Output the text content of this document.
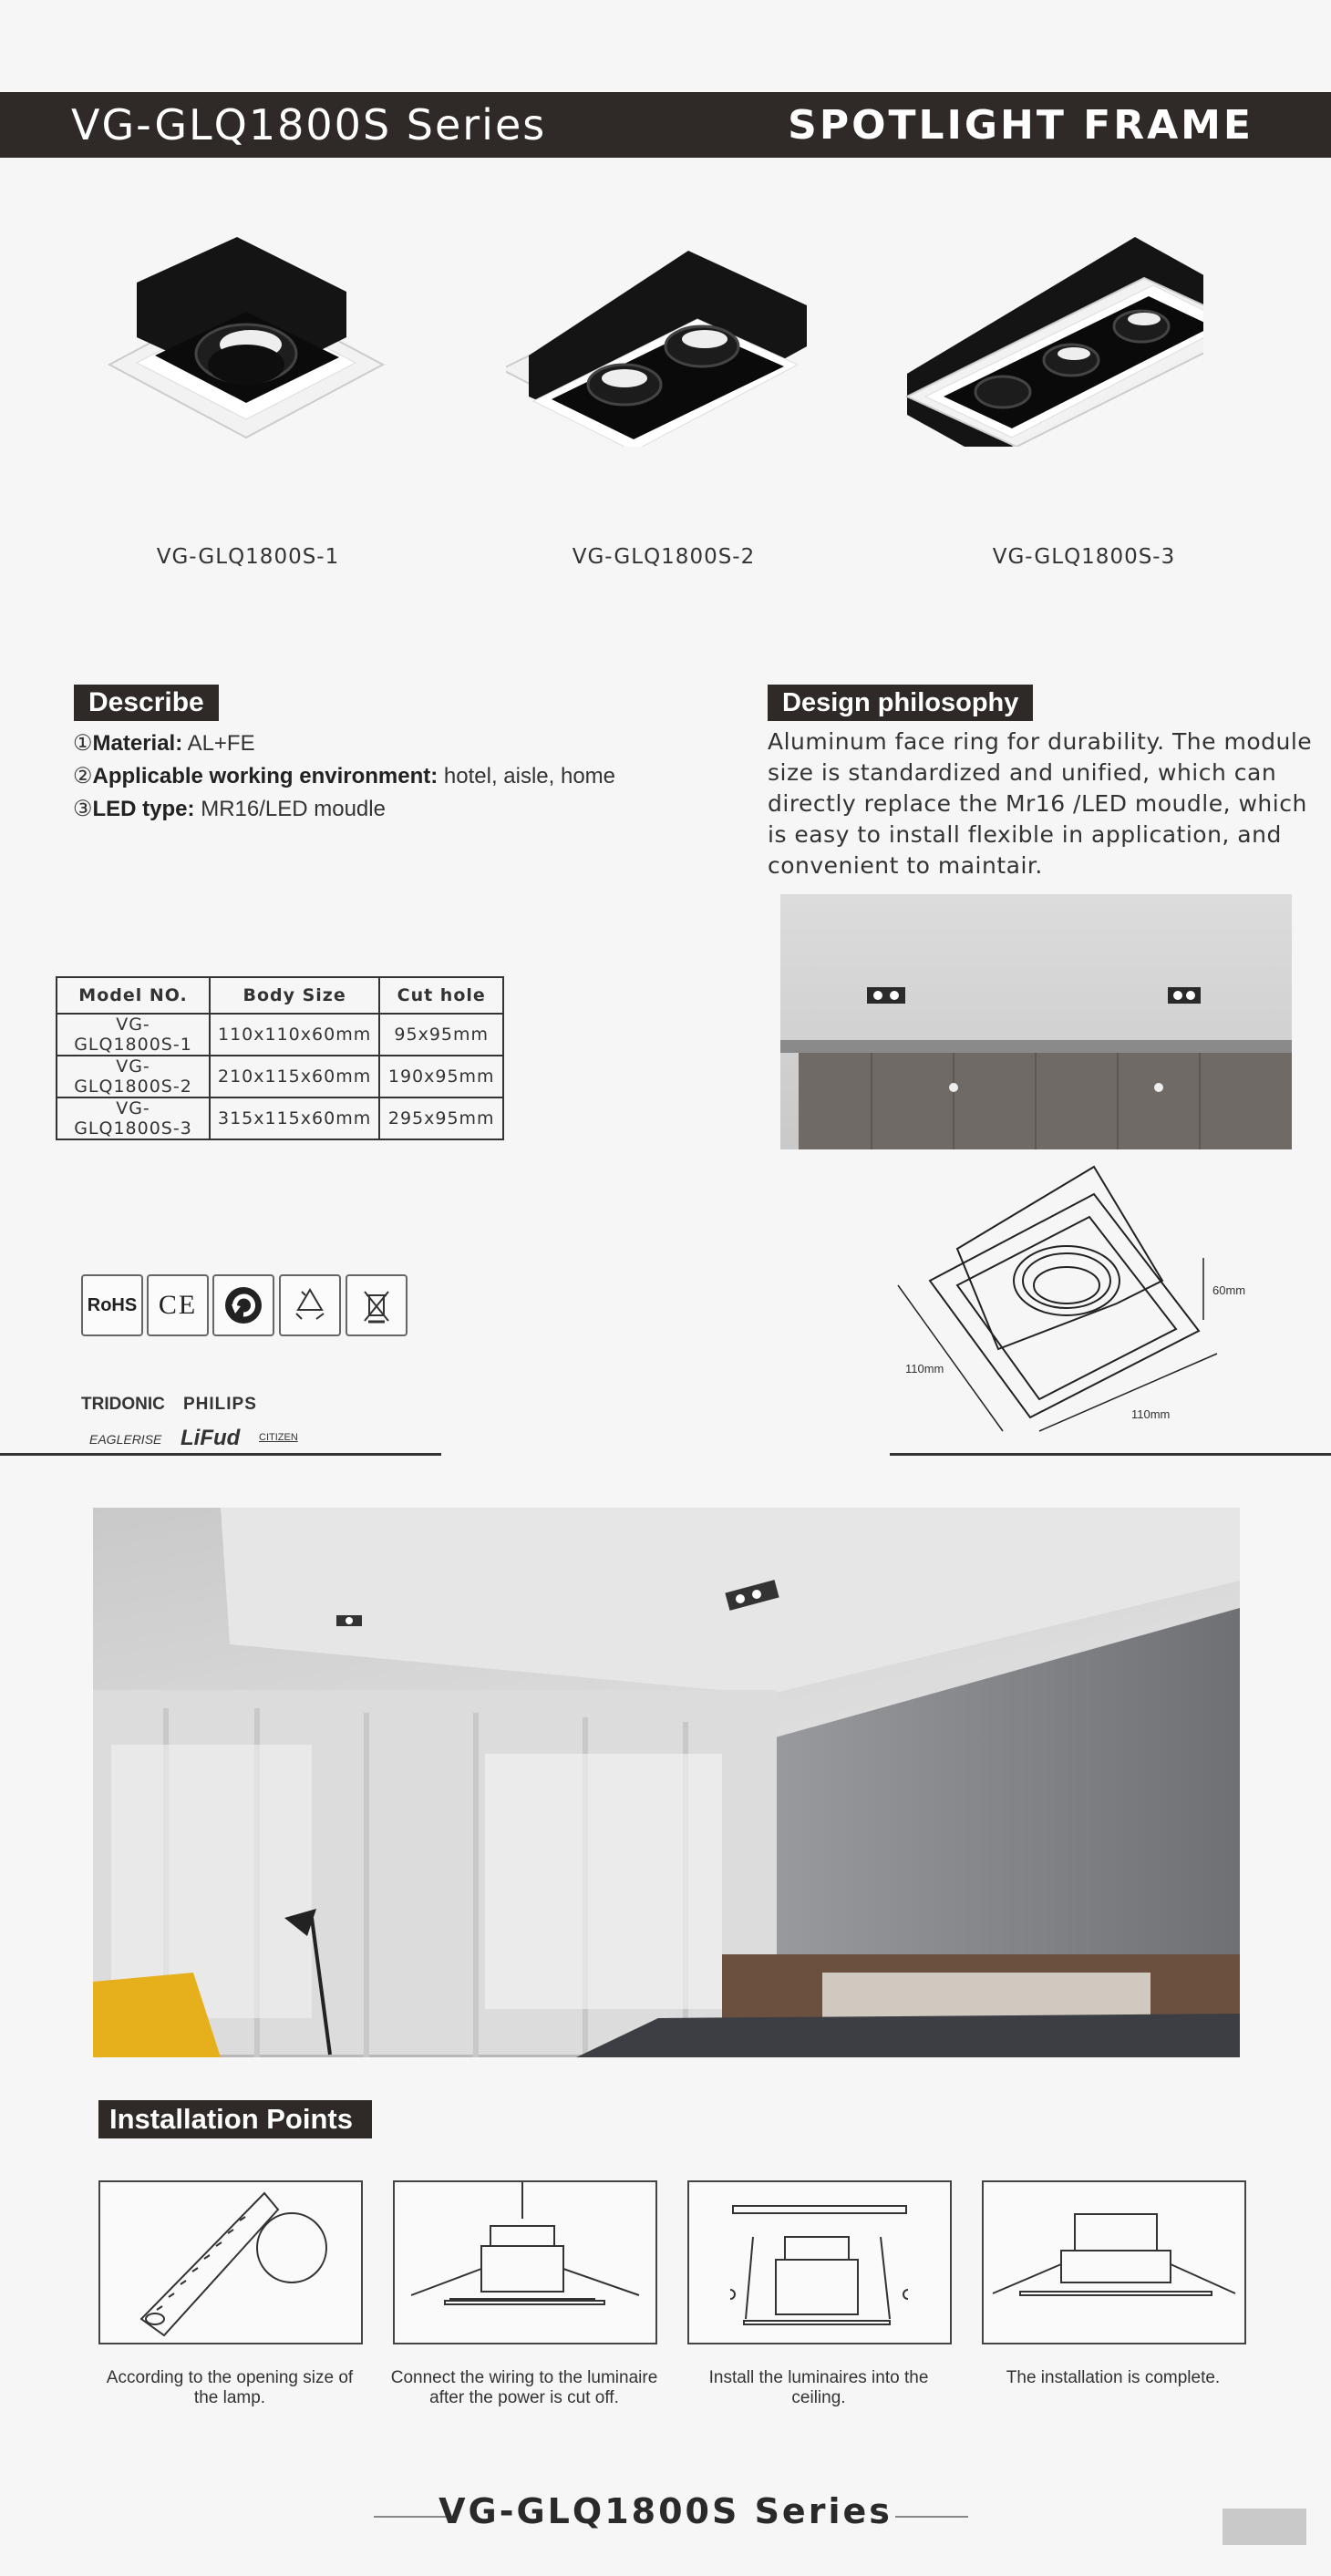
VG-GLQ1800S Series	SPOTLIGHT FRAME
VG-GLQ1800S-1	VG-GLQ1800S-2	VG-GLQ1800S-3
Describe
①Material: AL+FE
②Applicable working environment: hotel, aisle, home
③LED type: MR16/LED moudle
Design philosophy
Aluminum face ring for durability. The module size is standardized and unified, which can directly replace the Mr16 /LED moudle, which is easy to install flexible in application, and convenient to maintair.
Model NO.	Body Size	Cut hole
VG-GLQ1800S-1	110x110x60mm	95x95mm
VG-GLQ1800S-2	210x115x60mm	190x95mm
VG-GLQ1800S-3	315x115x60mm	295x95mm
RoHS CE
TRIDONIC PHILIPS
EAGLERISE LiFud CITIZEN
60mm
110mm
110mm
Installation Points
According to the opening size of the lamp.
Connect the wiring to the luminaire after the power is cut off.
Install the luminaires into the ceiling.
The installation is complete.
VG-GLQ1800S Series
